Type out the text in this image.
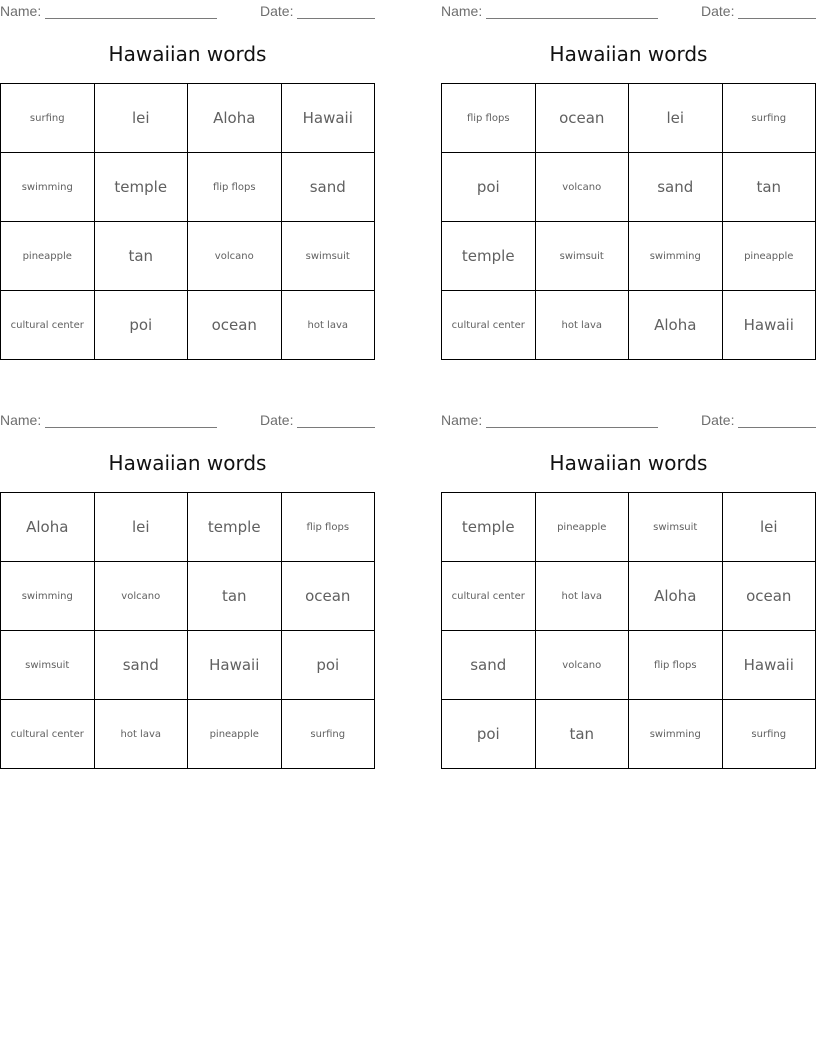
Name:	Date:
Hawaiian words
surfing	lei	Aloha	Hawaii
swimming	temple	flip flops	sand
pineapple	tan	volcano	swimsuit
cultural center	poi	ocean	hot lava
Name:	Date:
Hawaiian words
flip flops	ocean	lei	surfing
poi	volcano	sand	tan
temple	swimsuit	swimming	pineapple
cultural center	hot lava	Aloha	Hawaii
Name:	Date:
Hawaiian words
Aloha	lei	temple	flip flops
swimming	volcano	tan	ocean
swimsuit	sand	Hawaii	poi
cultural center	hot lava	pineapple	surfing
Name:	Date:
Hawaiian words
temple	pineapple	swimsuit	lei
cultural center	hot lava	Aloha	ocean
sand	volcano	flip flops	Hawaii
poi	tan	swimming	surfing
